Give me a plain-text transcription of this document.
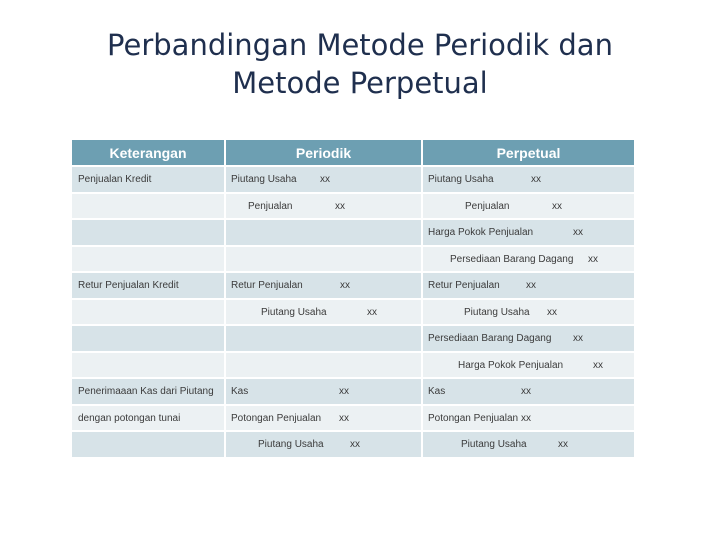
Perbandingan Metode Periodik dan
Metode Perpetual
Keterangan	Periodik	Perpetual

Penjualan Kredit	Piutang Usaha xx	Piutang Usaha xx

	Penjualan xx	Penjualan xx

		Harga Pokok Penjualan xx

		Persediaan Barang Dagang xx

Retur Penjualan Kredit	Retur Penjualan xx	Retur Penjualan xx

	Piutang Usaha xx	Piutang Usaha xx

		Persediaan Barang Dagang xx

		Harga Pokok Penjualan xx

Penerimaaan Kas dari Piutang	Kas xx	Kas xx

dengan potongan tunai	Potongan Penjualan xx	Potongan Penjualan xx

	Piutang Usaha xx	Piutang Usaha xx
